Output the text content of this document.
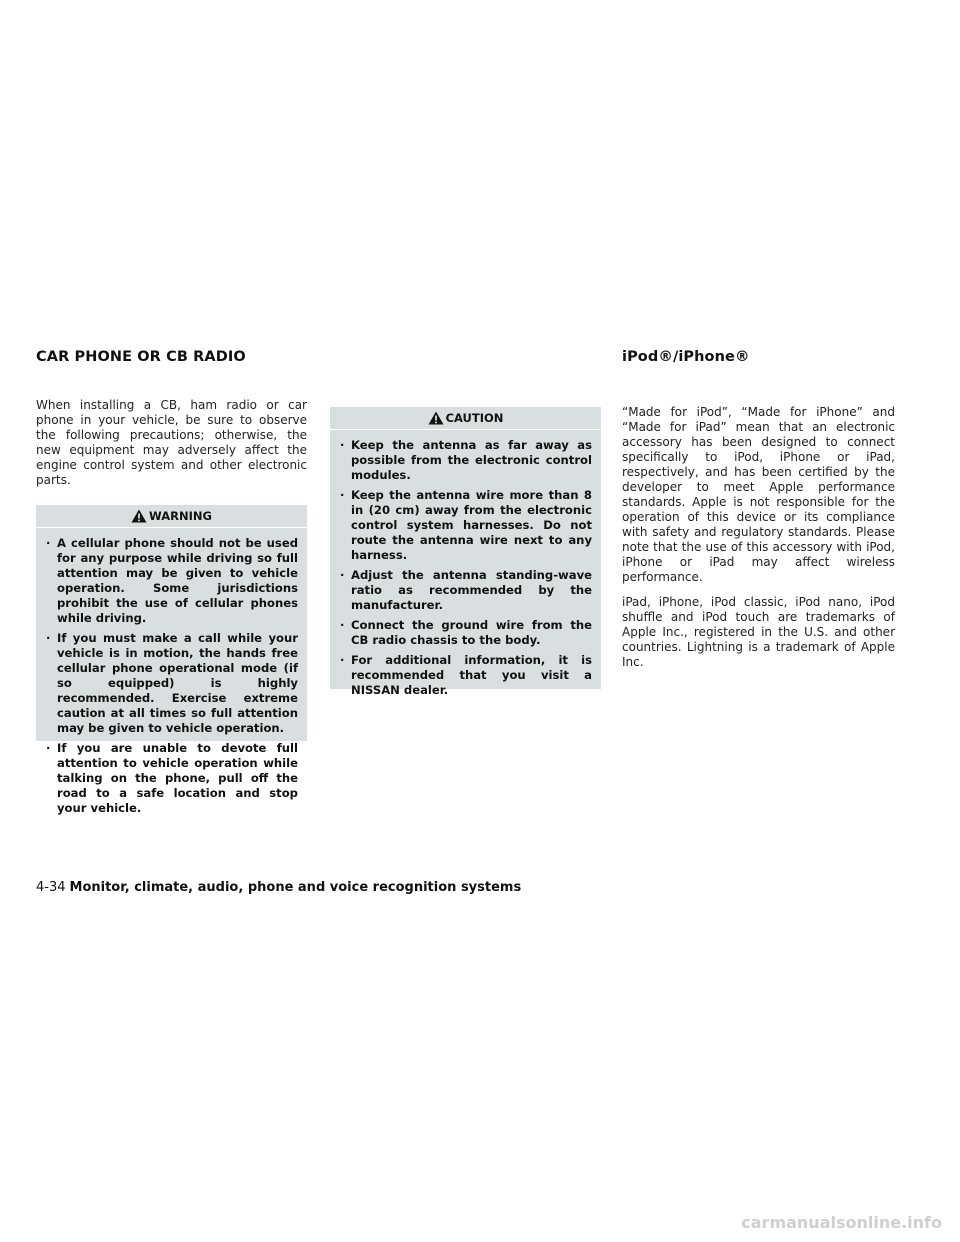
CAR PHONE OR CB RADIO	iPod®/iPhone®

When installing a CB, ham radio or car phone in your vehicle, be sure to observe the following precautions; otherwise, the new equipment may adversely affect the engine control system and other electronic parts.

WARNING
· A cellular phone should not be used for any purpose while driving so full attention may be given to vehicle operation. Some jurisdictions prohibit the use of cellular phones while driving.
· If you must make a call while your vehicle is in motion, the hands free cellular phone operational mode (if so equipped) is highly recommended. Exercise extreme caution at all times so full attention may be given to vehicle operation.
· If you are unable to devote full attention to vehicle operation while talking on the phone, pull off the road to a safe location and stop your vehicle.
CAUTION
· Keep the antenna as far away as possible from the electronic control modules.
· Keep the antenna wire more than 8 in (20 cm) away from the electronic control system harnesses. Do not route the antenna wire next to any harness.
· Adjust the antenna standing-wave ratio as recommended by the manufacturer.
· Connect the ground wire from the CB radio chassis to the body.
· For additional information, it is recommended that you visit a NISSAN dealer.

“Made for iPod”, “Made for iPhone” and “Made for iPad” mean that an electronic accessory has been designed to connect specifically to iPod, iPhone or iPad, respectively, and has been certified by the developer to meet Apple performance standards. Apple is not responsible for the operation of this device or its compliance with safety and regulatory standards. Please note that the use of this accessory with iPod, iPhone or iPad may affect wireless performance.

iPad, iPhone, iPod classic, iPod nano, iPod shuffle and iPod touch are trademarks of Apple Inc., registered in the U.S. and other countries. Lightning is a trademark of Apple Inc.

4-34 Monitor, climate, audio, phone and voice recognition systems

carmanualsonline.info
